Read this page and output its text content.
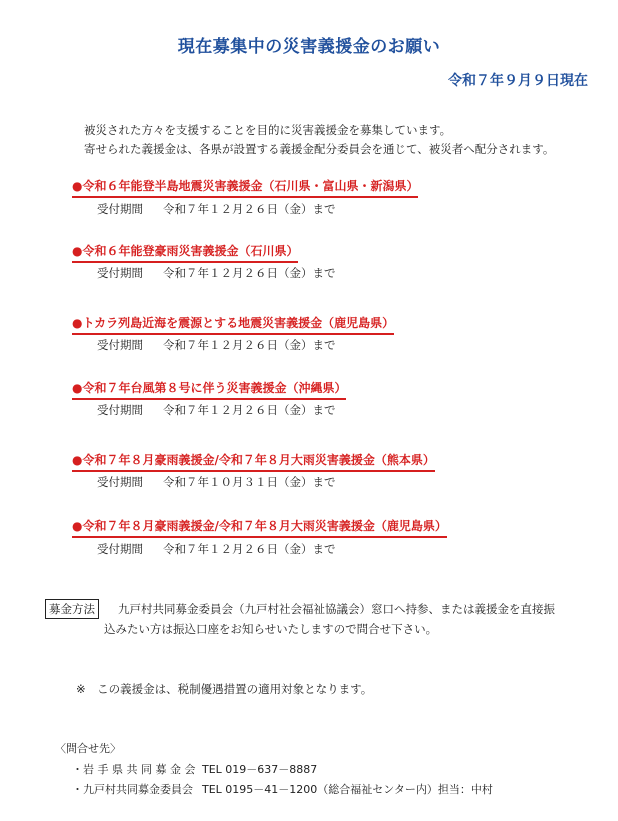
現在募集中の災害義援金のお願い
令和７年９月９日現在
被災された方々を支援することを目的に災害義援金を募集しています。
寄せられた義援金は、各県が設置する義援金配分委員会を通じて、被災者へ配分されます。
●令和６年能登半島地震災害義援金（石川県・富山県・新潟県）
受付期間 令和７年１２月２６日（金）まで
●令和６年能登豪雨災害義援金（石川県）
受付期間 令和７年１２月２６日（金）まで
●トカラ列島近海を震源とする地震災害義援金（鹿児島県）
受付期間 令和７年１２月２６日（金）まで
●令和７年台風第８号に伴う災害義援金（沖縄県）
受付期間 令和７年１２月２６日（金）まで
●令和７年８月豪雨義援金/令和７年８月大雨災害義援金（熊本県）
受付期間 令和７年１０月３１日（金）まで
●令和７年８月豪雨義援金/令和７年８月大雨災害義援金（鹿児島県）
受付期間 令和７年１２月２６日（金）まで
募金方法	九戸村共同募金委員会（九戸村社会福祉協議会）窓口へ持参、または義援金を直接振
込みたい方は振込口座をお知らせいたしますので問合せ下さい。
※　この義援金は、税制優遇措置の適用対象となります。
〈問合せ先〉
・岩 手 県 共 同 募 金 会 TEL 019－637－8887
・九戸村共同募金委員会 TEL 0195－41－1200（総合福祉センター内）担当：中村
